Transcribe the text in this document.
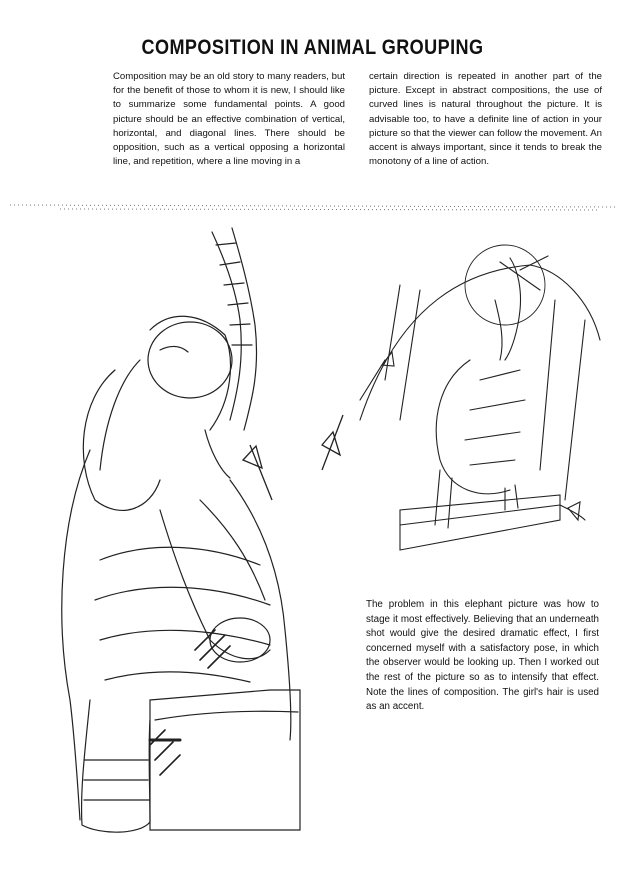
COMPOSITION IN ANIMAL GROUPING
Composition may be an old story to many readers, but for the benefit of those to whom it is new, I should like to summarize some fundamental points. A good picture should be an effective combination of vertical, horizontal, and diagonal lines. There should be opposition, such as a vertical opposing a horizontal line, and repetition, where a line moving in a
certain direction is repeated in another part of the picture. Except in abstract compositions, the use of curved lines is natural throughout the picture. It is advisable too, to have a definite line of action in your picture so that the viewer can follow the movement. An accent is always important, since it tends to break the monotony of a line of action.
The problem in this elephant picture was how to stage it most effectively. Believing that an underneath shot would give the desired dramatic effect, I first concerned myself with a satisfactory pose, in which the observer would be looking up. Then I worked out the rest of the picture so as to intensify that effect. Note the lines of composition. The girl's hair is used as an accent.
